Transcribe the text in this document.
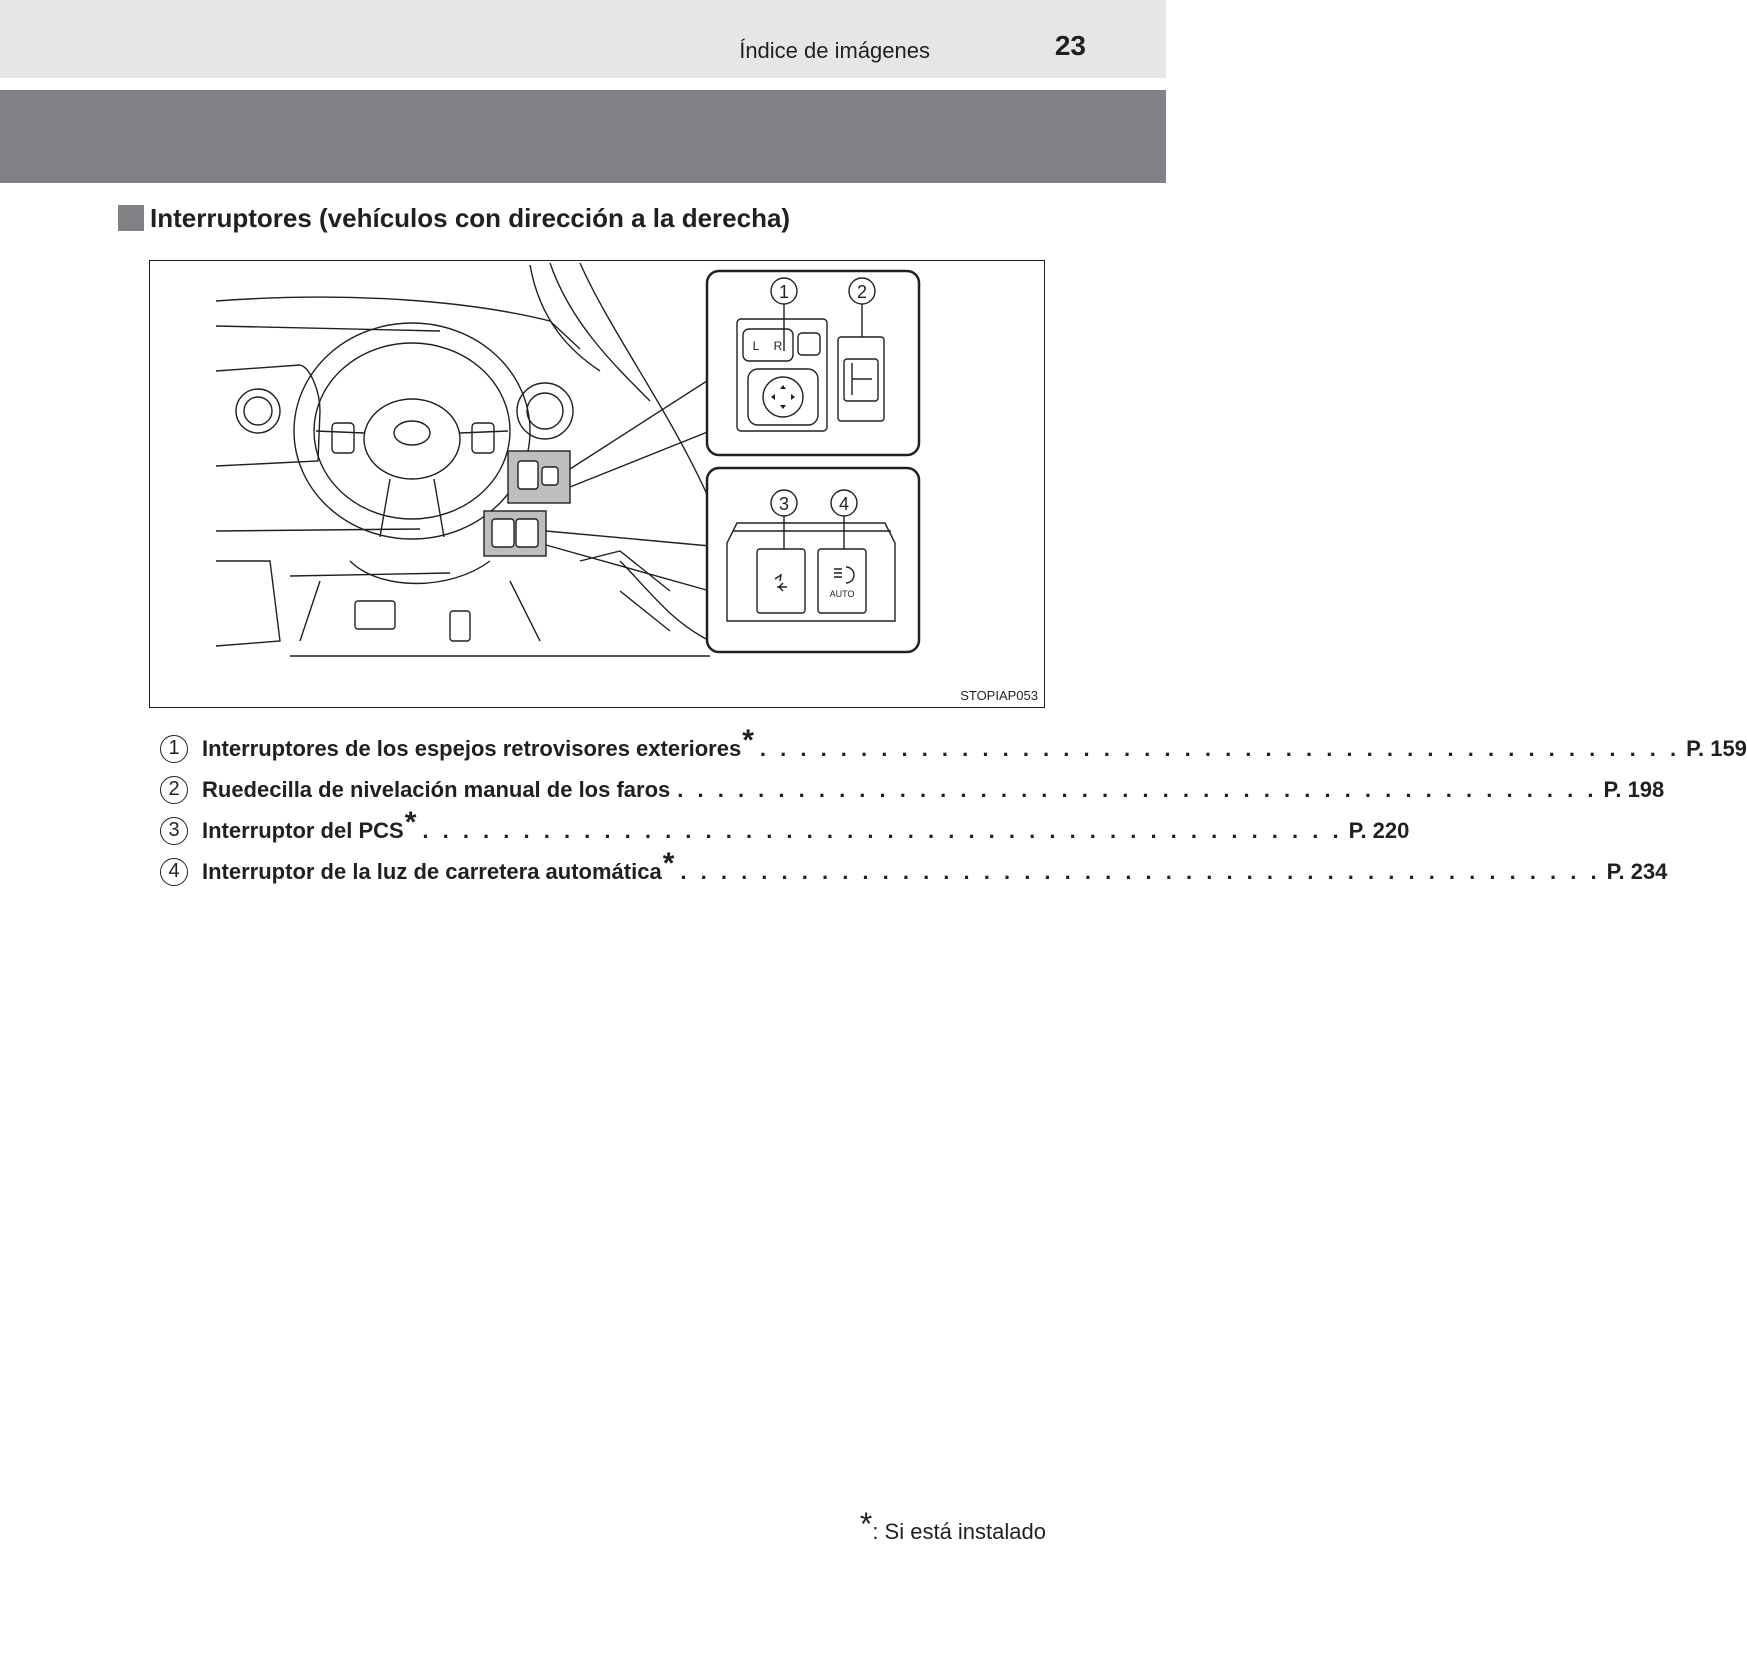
Índice de imágenes	23
Interruptores (vehículos con dirección a la derecha)
1	2
3	4
L R
AUTO
STOPIAP053
1	Interruptores de los espejos retrovisores exteriores * . . . . . . . . . . . . . . . . . . . . . . . . . . . . . . . . . . . . . . . . . . . . . . P. 159
2	Ruedecilla de nivelación manual de los faros . . . . . . . . . . . . . . . . . . . . . . . . . . . . . . . . . . . . . . . . . . . . . . P. 198
3	Interruptor del PCS * . . . . . . . . . . . . . . . . . . . . . . . . . . . . . . . . . . . . . . . . . . . . . . P. 220
4	Interruptor de la luz de carretera automática * . . . . . . . . . . . . . . . . . . . . . . . . . . . . . . . . . . . . . . . . . . . . . . P. 234
*: Si está instalado
